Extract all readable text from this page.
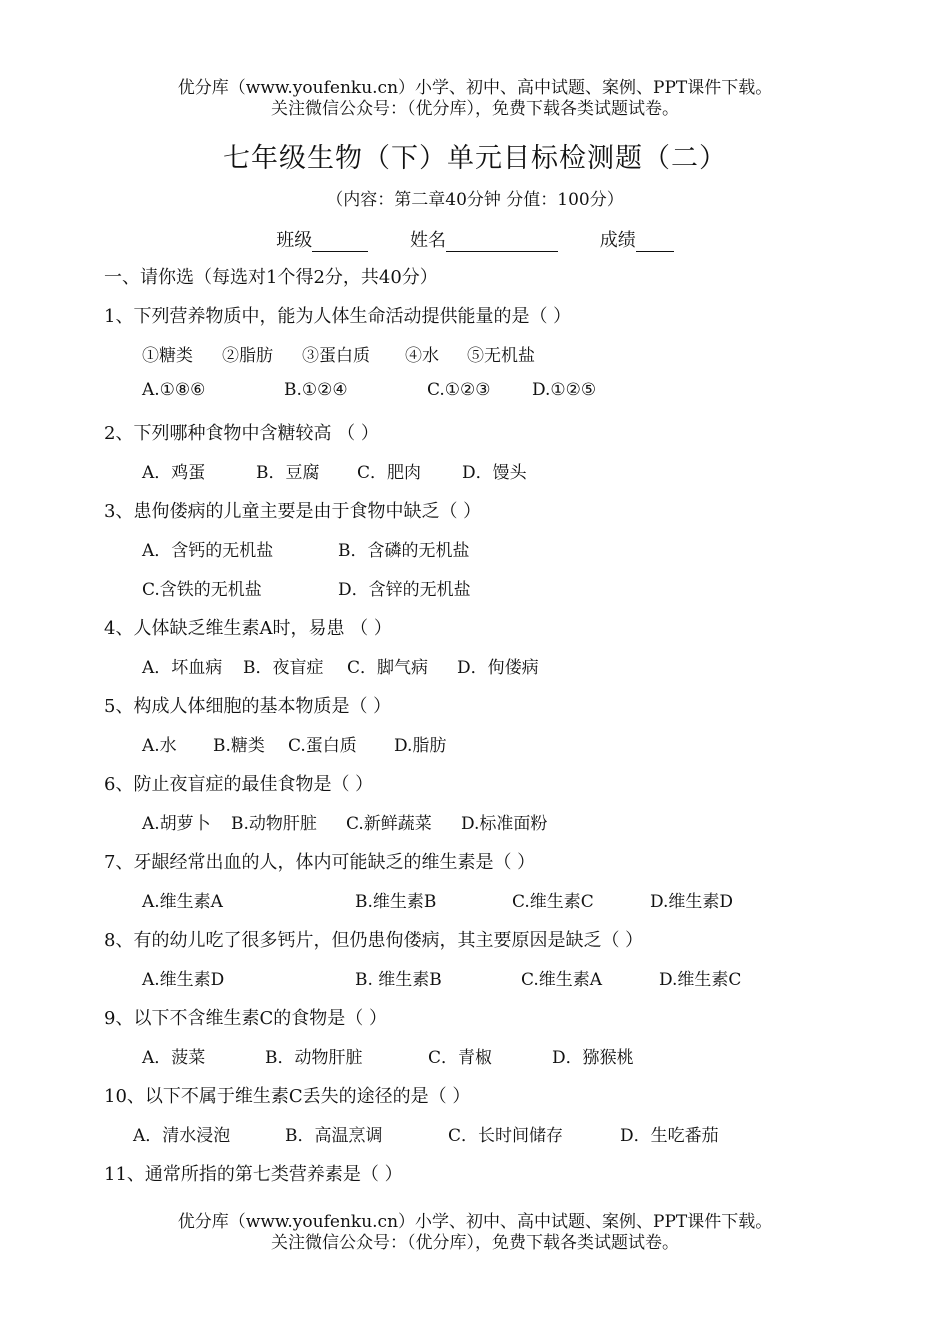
优分库（www.youfenku.cn）小学、初中、高中试题、案例、PPT课件下载。
关注微信公众号：（优分库），免费下载各类试题试卷。
七年级生物（下）单元目标检测题（二）
（内容：第二章40分钟 分值：100分）
班级	姓名	成绩
一、请你选（每选对1个得2分，共40分）
1、下列营养物质中，能为人体生命活动提供能量的是（ ）
①糖类 ②脂肪 ③蛋白质 ④水 ⑤无机盐
A.①⑧⑥	B.①②④	C.①②③ D.①②⑤
2、下列哪种食物中含糖较高 （ ）
A．鸡蛋	B．豆腐 C．肥肉 D．馒头
3、患佝偻病的儿童主要是由于食物中缺乏（ ）
A．含钙的无机盐	B．含磷的无机盐
C.含铁的无机盐	D．含锌的无机盐
4、人体缺乏维生素A时，易患 （ ）
A．坏血病 B．夜盲症 C．脚气病 D．佝偻病
5、构成人体细胞的基本物质是（ ）
A.水 B.糖类 C.蛋白质 D.脂肪
6、防止夜盲症的最佳食物是（ ）
A.胡萝卜 B.动物肝脏 C.新鲜蔬菜 D.标准面粉
7、牙龈经常出血的人，体内可能缺乏的维生素是（ ）
A.维生素A	B.维生素B	C.维生素C	D.维生素D
8、有的幼儿吃了很多钙片，但仍患佝偻病，其主要原因是缺乏（ ）
A.维生素D	B. 维生素B	C.维生素A	D.维生素C
9、以下不含维生素C的食物是（ ）
A．菠菜	B．动物肝脏	C．青椒	D．猕猴桃
10、以下不属于维生素C丢失的途径的是（ ）
A．清水浸泡	B．高温烹调	C．长时间储存	D．生吃番茄
11、通常所指的第七类营养素是（ ）
优分库（www.youfenku.cn）小学、初中、高中试题、案例、PPT课件下载。
关注微信公众号：（优分库），免费下载各类试题试卷。
